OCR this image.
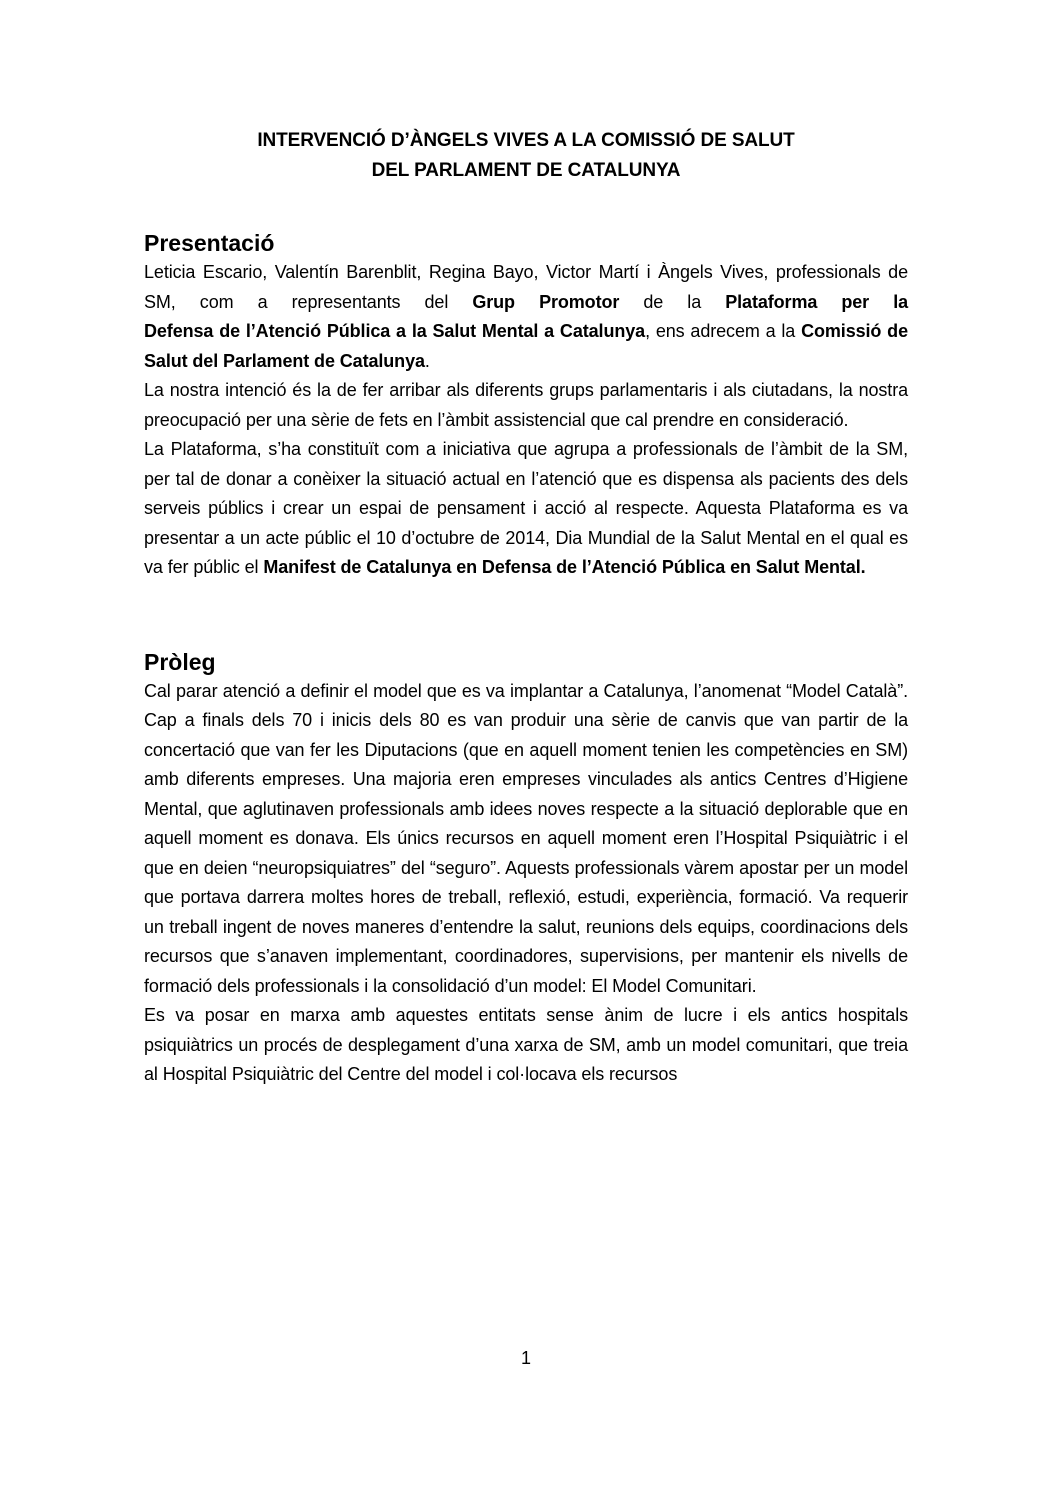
INTERVENCIÓ D’ÀNGELS VIVES A LA COMISSIÓ DE SALUT
DEL PARLAMENT DE CATALUNYA
Presentació

Leticia Escario, Valentín Barenblit, Regina Bayo, Victor Martí i Àngels Vives, professionals de SM, com a representants del Grup Promotor de la Plataforma per la

Defensa de l’Atenció Pública a la Salut Mental a Catalunya, ens adrecem a la Comissió de Salut del Parlament de Catalunya.

La nostra intenció és la de fer arribar als diferents grups parlamentaris i als ciutadans, la nostra preocupació per una sèrie de fets en l’àmbit assistencial que cal prendre en consideració.

La Plataforma, s’ha constituït com a iniciativa que agrupa a professionals de l’àmbit de la SM, per tal de donar a conèixer la situació actual en l’atenció que es dispensa als pacients des dels serveis públics i crear un espai de pensament i acció al respecte. Aquesta Plataforma es va presentar a un acte públic el 10 d’octubre de 2014, Dia Mundial de la Salut Mental en el qual es va fer públic el Manifest de Catalunya en Defensa de l’Atenció Pública en Salut Mental.

Pròleg

Cal parar atenció a definir el model que es va implantar a Catalunya, l’anomenat “Model Català”. Cap a finals dels 70 i inicis dels 80 es van produir una sèrie de canvis que van partir de la concertació que van fer les Diputacions (que en aquell moment tenien les competències en SM) amb diferents empreses. Una majoria eren empreses vinculades als antics Centres d’Higiene Mental, que aglutinaven professionals amb idees noves respecte a la situació deplorable que en aquell moment es donava. Els únics recursos en aquell moment eren l’Hospital Psiquiàtric i el que en deien “neuropsiquiatres” del “seguro”. Aquests professionals vàrem apostar per un model que portava darrera moltes hores de treball, reflexió, estudi, experiència, formació. Va requerir un treball ingent de noves maneres d’entendre la salut, reunions dels equips, coordinacions dels recursos que s’anaven implementant, coordinadores, supervisions, per mantenir els nivells de formació dels professionals i la consolidació d’un model: El Model Comunitari.

Es va posar en marxa amb aquestes entitats sense ànim de lucre i els antics hospitals psiquiàtrics un procés de desplegament d’una xarxa de SM, amb un model comunitari, que treia al Hospital Psiquiàtric del Centre del model i col·locava els recursos

1
